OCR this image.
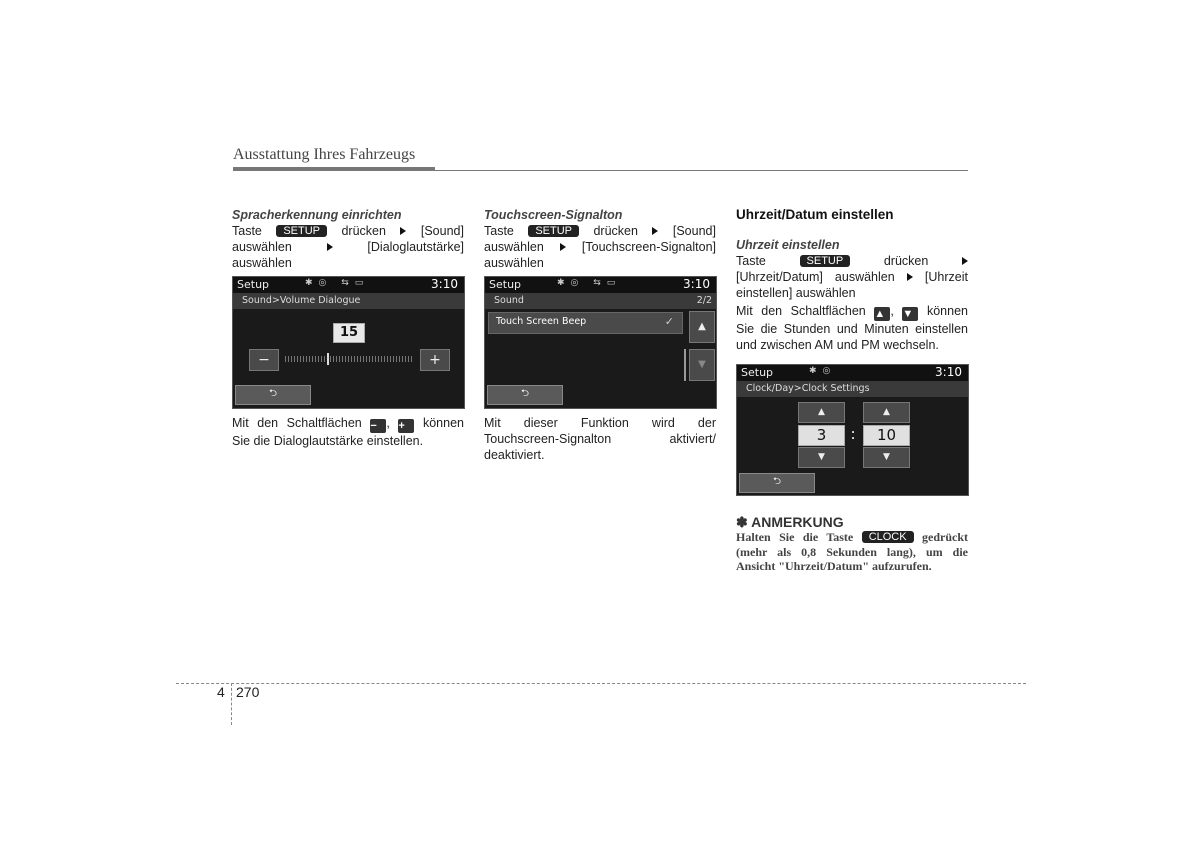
Ausstattung Ihres Fahrzeugs

Spracherkennung einrichten

Taste SETUP drücken	[Sound]

auswählen	[Dialoglautstärke]

auswählen

Setup	✱◎ ⇆▭	3:10
Sound>Volume Dialogue
15
−	+
⮌

Mit den Schaltflächen − , + können

Sie die Dialoglautstärke einstellen.

Touchscreen-Signalton

Taste SETUP drücken	[Sound]

auswählen	[Touchscreen-Signalton]

auswählen

Setup	✱◎ ⇆▭	3:10
Sound	2/2
Touch Screen Beep	✓	▲
▼
⮌

Mit dieser Funktion wird der

Touchscreen-Signalton aktiviert/

deaktiviert.

Uhrzeit/Datum einstellen

Uhrzeit einstellen

Taste	SETUP	drücken

[Uhrzeit/Datum] auswählen [Uhrzeit

einstellen] auswählen

Mit den Schaltflächen ▲ , ▼ können

Sie die Stunden und Minuten einstellen

und zwischen AM und PM wechseln.

Setup	✱◎	3:10
Clock/Day>Clock Settings
▲
3
▼
:
▲
10
▼
⮌

✽ ANMERKUNG

Halten Sie die Taste CLOCK gedrückt

(mehr als 0,8 Sekunden lang), um die

Ansicht "Uhrzeit/Datum" aufzurufen.

4 270
